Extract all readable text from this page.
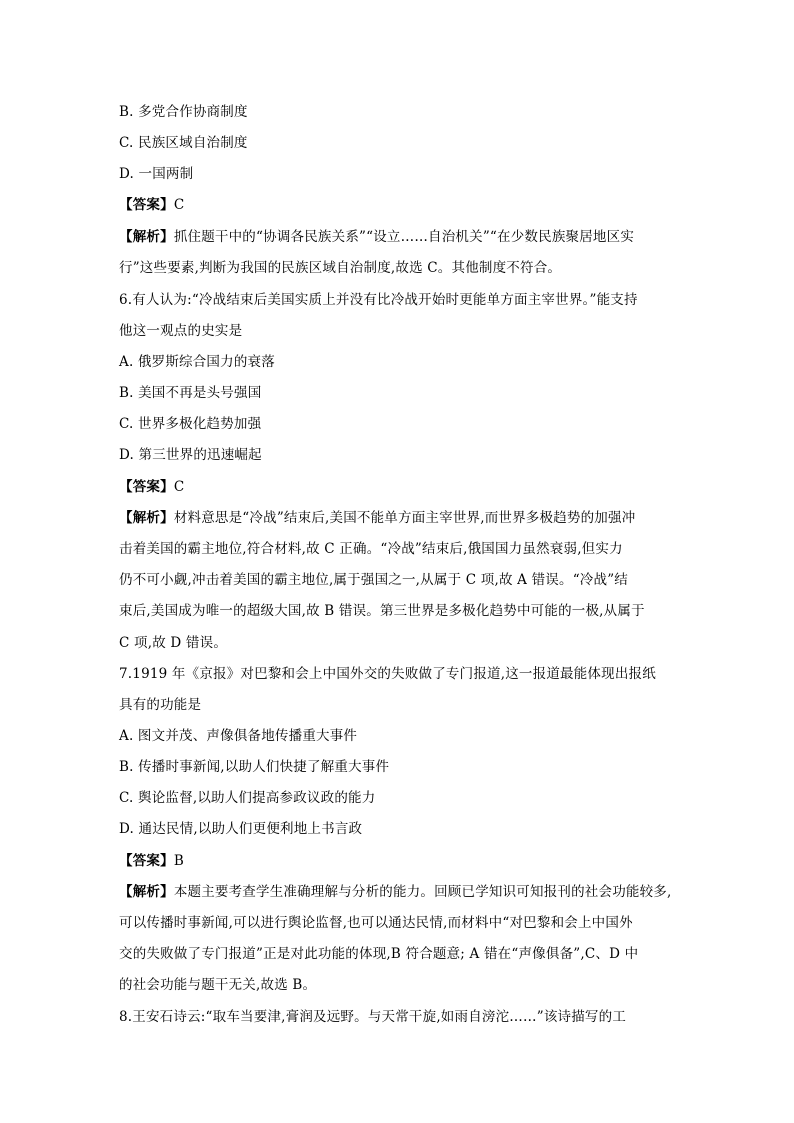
B. 多党合作协商制度
C. 民族区域自治制度
D. 一国两制
【答案】C
【解析】抓住题干中的“协调各民族关系”“设立……自治机关”“在少数民族聚居地区实
行”这些要素,判断为我国的民族区域自治制度,故选 C。其他制度不符合。
6.有人认为:“冷战结束后美国实质上并没有比冷战开始时更能单方面主宰世界。”能支持
他这一观点的史实是
A. 俄罗斯综合国力的衰落
B. 美国不再是头号强国
C. 世界多极化趋势加强
D. 第三世界的迅速崛起
【答案】C
【解析】材料意思是“冷战”结束后,美国不能单方面主宰世界,而世界多极趋势的加强冲
击着美国的霸主地位,符合材料,故 C 正确。“冷战”结束后,俄国国力虽然衰弱,但实力
仍不可小觑,冲击着美国的霸主地位,属于强国之一,从属于 C 项,故 A 错误。“冷战”结
束后,美国成为唯一的超级大国,故 B 错误。第三世界是多极化趋势中可能的一极,从属于
C 项,故 D 错误。
7.1919 年《京报》对巴黎和会上中国外交的失败做了专门报道,这一报道最能体现出报纸
具有的功能是
A. 图文并茂、声像俱备地传播重大事件
B. 传播时事新闻,以助人们快捷了解重大事件
C. 舆论监督,以助人们提高参政议政的能力
D. 通达民情,以助人们更便利地上书言政
【答案】B
【解析】本题主要考查学生准确理解与分析的能力。回顾已学知识可知报刊的社会功能较多,
可以传播时事新闻,可以进行舆论监督,也可以通达民情,而材料中“对巴黎和会上中国外
交的失败做了专门报道”正是对此功能的体现,B 符合题意; A 错在“声像俱备”,C、D 中
的社会功能与题干无关,故选 B。
8.王安石诗云:“取车当要津,膏润及远野。与天常干旋,如雨自滂沱……”该诗描写的工
